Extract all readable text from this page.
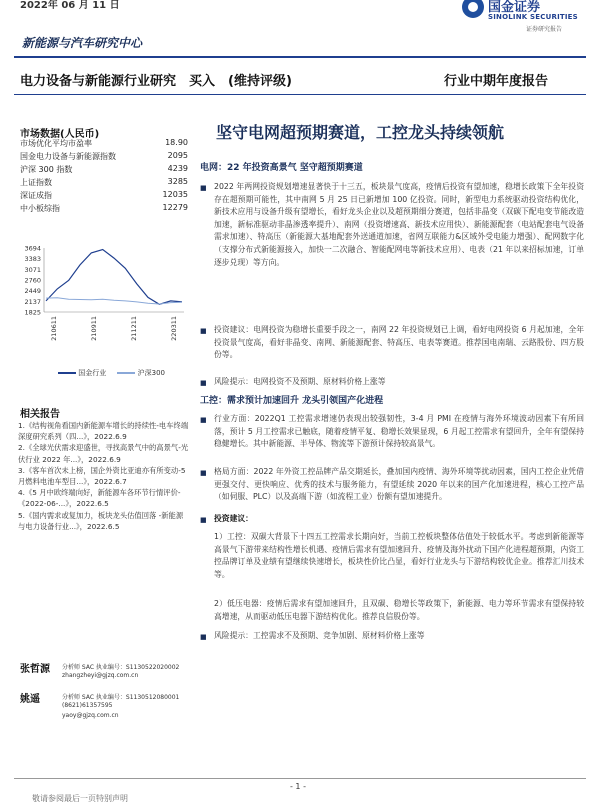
2022年 06 月 11 日
新能源与汽车研究中心
国金证券
SINOLINK SECURITIES
证券研究报告
电力设备与新能源行业研究　买入　(维持评级)	行业中期年度报告
市场数据(人民币)
市场优化平均市盈率	18.90
国金电力设备与新能源指数	2095
沪深 300 指数	4239
上证指数	3285
深证成指	12035
中小板综指	12279
3694
3383
3071
2760
2449
2137
1825
210611	210911	211211	220311
国金行业	沪深300
相关报告
1.《结构视角看国内新能源车增长的持续性-电车终端深度研究系列（四...》，2022.6.9
2.《全球光伏需求迎盛世，寻找高景气中的高景气-光伏行业 2022 年...》，2022.6.9
3.《客车首次未上榜，国企外资比亚迪亦有所变动-5 月燃料电池车型目...》，2022.6.7
4.《5 月中欧终端向好，新能源车各环节行情评价-《2022-06-...》，2022.6.5
5.《国内需求或复加力，板块龙头估值回落 -新能源与电力设备行业...》，2022.6.5
张哲源 分析师 SAC 执业编号：S1130522020002
zhangzheyi@gjzq.com.cn
姚遥	分析师 SAC 执业编号：S1130512080001
(8621)61357595
yaoy@gjzq.com.cn
坚守电网超预期赛道，工控龙头持续领航
电网：22 年投资高景气 坚守超预期赛道
■ 2022 年两网投资规划增速显著快于十三五，板块景气度高，疫情后投资有望加速，稳增长政策下全年投资存在超预期可能性，其中南网 5 月 25 日已新增加 100 亿投资。同时，新型电力系统驱动投资结构优化，新技术应用与设备升级有望增长，看好龙头企业以及超预期细分赛道，包括非晶变（双碳下配电变节能改造加速，新标准驱动非晶渗透率提升）、南网（投资增速高、新技术应用快）、新能源配套（电站配套电气设备需求加速）、特高压（新能源大基地配套外送通道加速，省网互联能力&区域外受电能力增强）、配网数字化（支撑分布式新能源接入，加快一二次融合、智能配网电等新技术应用）、电表（21 年以来招标加速，订单逐步兑现）等方向。
■ 投资建议：电网投资为稳增长重要手段之一，南网 22 年投资规划已上调，看好电网投资 6 月起加速，全年投资景气度高，看好非晶变、南网、新能源配套、特高压、电表等赛道。推荐国电南瑞、云路股份、四方股份等。
■ 风险提示：电网投资不及预期、原材料价格上涨等
工控：需求预计加速回升 龙头引领国产化进程
■ 行业方面：2022Q1 工控需求增速仍表现出较强韧性，3-4 月 PMI 在疫情与海外环境波动因素下有所回落，预计 5 月工控需求已触底，随着疫情平复、稳增长效果显现，6 月起工控需求有望回升，全年有望保持稳健增长。其中新能源、半导体、物流等下游预计保持较高景气。
■ 格局方面：2022 年外资工控品牌产品交期延长，叠加国内疫情、海外环境等扰动因素，国内工控企业凭借更强交付、更快响应、优秀的技术与服务能力，有望延续 2020 年以来的国产化加速进程，核心工控产品（如伺服、PLC）以及高端下游（如流程工业）份额有望加速提升。
■ 投资建议：
1）工控：双碳大背景下十四五工控需求长期向好，当前工控板块整体估值处于较低水平。考虑到新能源等高景气下游带来结构性增长机遇、疫情后需求有望加速回升、疫情及海外扰动下国产化进程超预期，内资工控品牌订单及业绩有望继续快速增长，板块性价比凸显，看好行业龙头与下游结构较优企业。推荐汇川技术等。
2）低压电器：疫情后需求有望加速回升，且双碳、稳增长等政策下，新能源、电力等环节需求有望保持较高增速，从而驱动低压电器下游结构优化。推荐良信股份等。
■ 风险提示：工控需求不及预期、竞争加剧、原材料价格上涨等
- 1 -
敬请参阅最后一页特别声明
